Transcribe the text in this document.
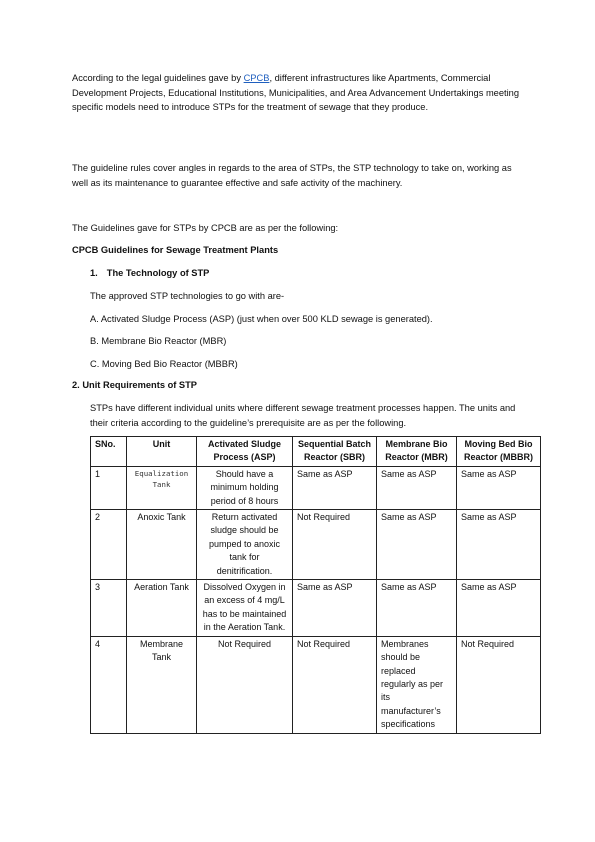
According to the legal guidelines gave by CPCB, different infrastructures like Apartments, Commercial Development Projects, Educational Institutions, Municipalities, and Area Advancement Undertakings meeting specific models need to introduce STPs for the treatment of sewage that they produce.

The guideline rules cover angles in regards to the area of STPs, the STP technology to take on, working as well as its maintenance to guarantee effective and safe activity of the machinery.

The Guidelines gave for STPs by CPCB are as per the following:

CPCB Guidelines for Sewage Treatment Plants

1. The Technology of STP

The approved STP technologies to go with are-

A. Activated Sludge Process (ASP) (just when over 500 KLD sewage is generated).

B. Membrane Bio Reactor (MBR)

C. Moving Bed Bio Reactor (MBBR)

2. Unit Requirements of STP

STPs have different individual units where different sewage treatment processes happen. The units and their criteria according to the guideline’s prerequisite are as per the following.

SNo.	Unit	Activated Sludge Process (ASP)	Sequential Batch Reactor (SBR)	Membrane Bio Reactor (MBR)	Moving Bed Bio Reactor (MBBR)
1	Equalization Tank	Should have a minimum holding period of 8 hours	Same as ASP	Same as ASP	Same as ASP
2	Anoxic Tank	Return activated sludge should be pumped to anoxic tank for denitrification.	Not Required	Same as ASP	Same as ASP
3	Aeration Tank	Dissolved Oxygen in an excess of 4 mg/L has to be maintained in the Aeration Tank.	Same as ASP	Same as ASP	Same as ASP
4	Membrane Tank	Not Required	Not Required	Membranes should be replaced regularly as per its manufacturer’s specifications	Not Required
